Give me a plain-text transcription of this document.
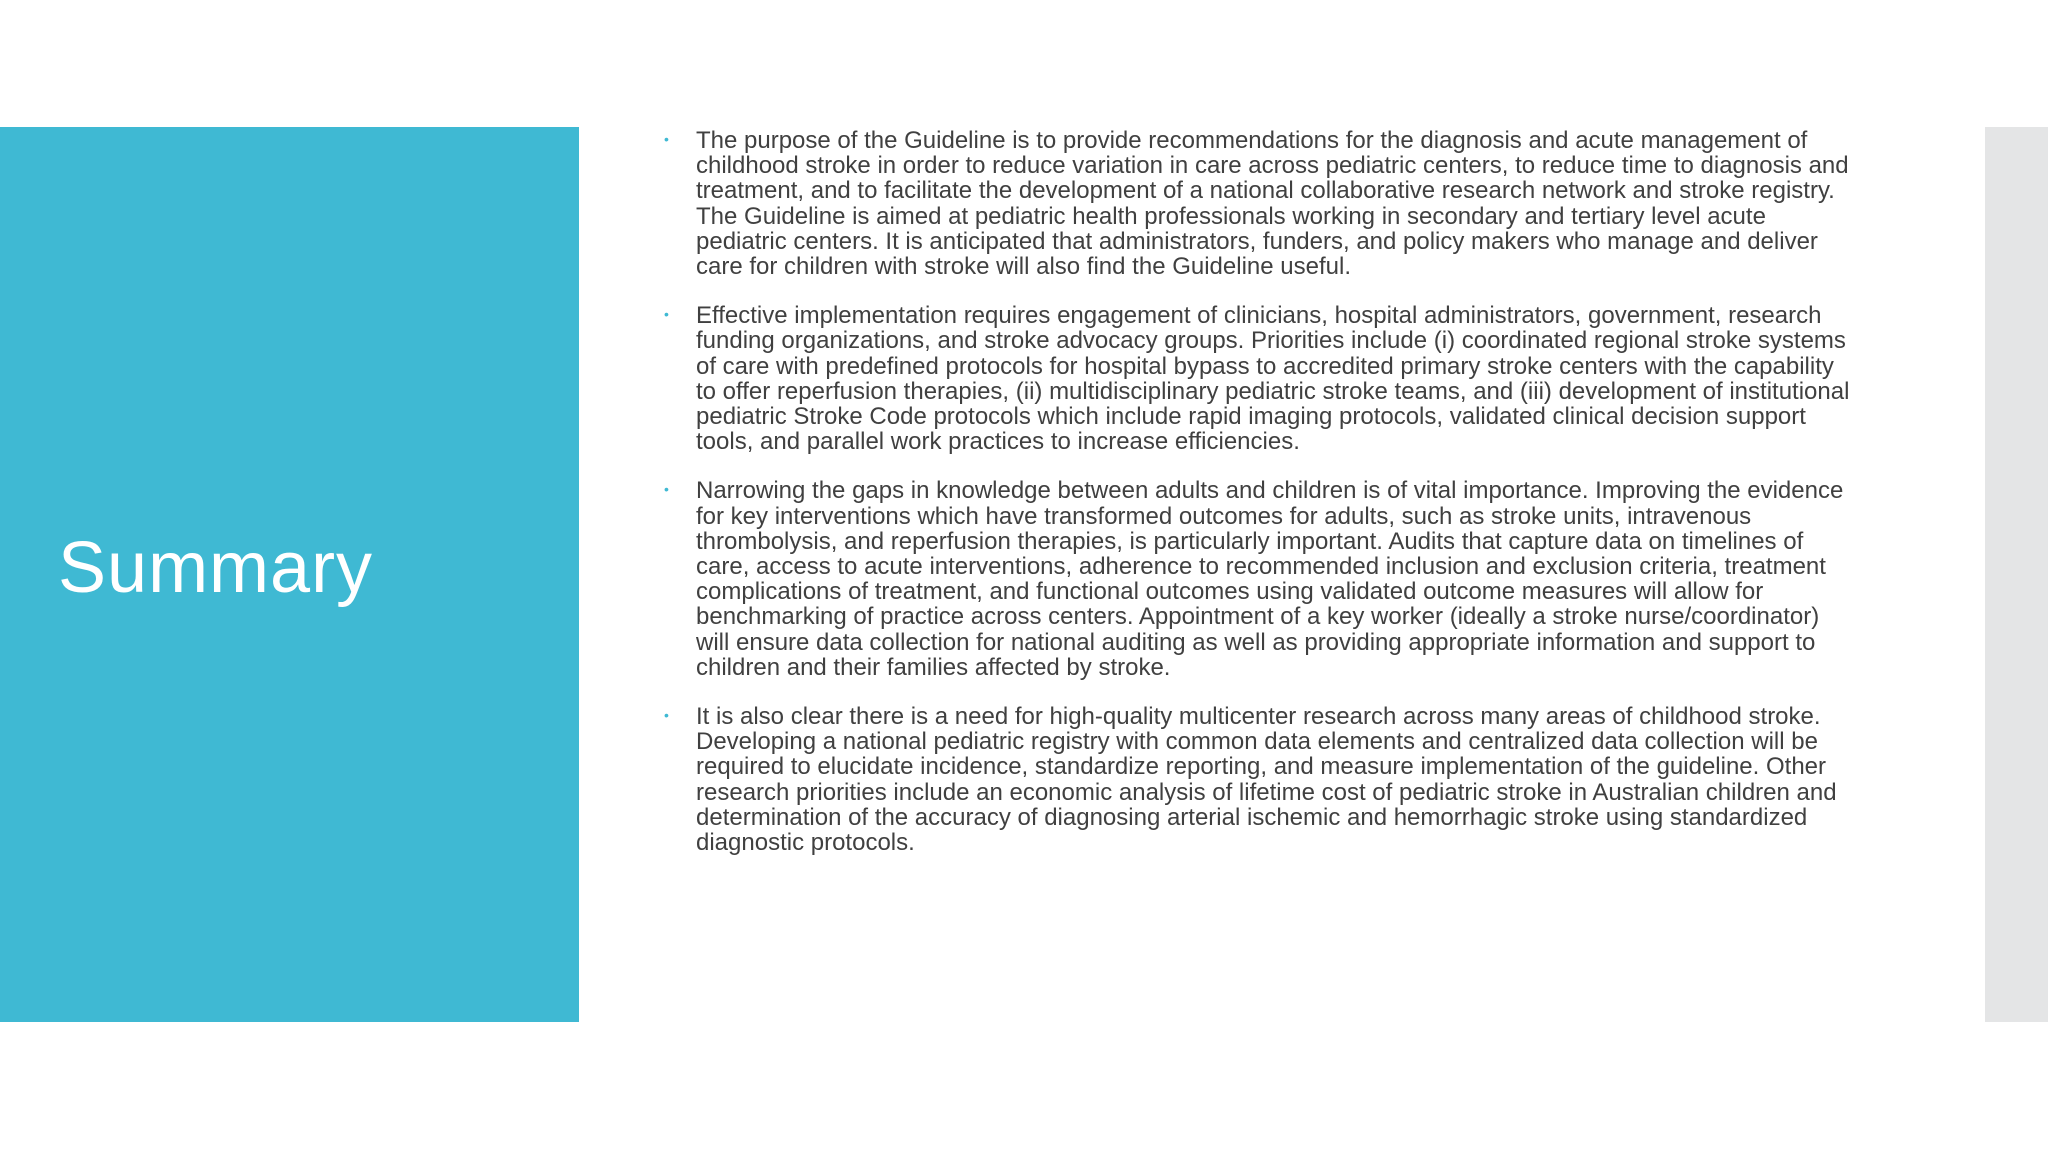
Summary
• The purpose of the Guideline is to provide recommendations for the diagnosis and acute management of childhood stroke in order to reduce variation in care across pediatric centers, to reduce time to diagnosis and treatment, and to facilitate the development of a national collaborative research network and stroke registry. The Guideline is aimed at pediatric health professionals working in secondary and tertiary level acute pediatric centers. It is anticipated that administrators, funders, and policy makers who manage and deliver care for children with stroke will also find the Guideline useful.
• Effective implementation requires engagement of clinicians, hospital administrators, government, research funding organizations, and stroke advocacy groups. Priorities include (i) coordinated regional stroke systems of care with predefined protocols for hospital bypass to accredited primary stroke centers with the capability to offer reperfusion therapies, (ii) multidisciplinary pediatric stroke teams, and (iii) development of institutional pediatric Stroke Code protocols which include rapid imaging protocols, validated clinical decision support tools, and parallel work practices to increase efficiencies.
• Narrowing the gaps in knowledge between adults and children is of vital importance. Improving the evidence for key interventions which have transformed outcomes for adults, such as stroke units, intravenous thrombolysis, and reperfusion therapies, is particularly important. Audits that capture data on timelines of care, access to acute interventions, adherence to recommended inclusion and exclusion criteria, treatment complications of treatment, and functional outcomes using validated outcome measures will allow for benchmarking of practice across centers. Appointment of a key worker (ideally a stroke nurse/coordinator) will ensure data collection for national auditing as well as providing appropriate information and support to children and their families affected by stroke.
• It is also clear there is a need for high-quality multicenter research across many areas of childhood stroke. Developing a national pediatric registry with common data elements and centralized data collection will be required to elucidate incidence, standardize reporting, and measure implementation of the guideline. Other research priorities include an economic analysis of lifetime cost of pediatric stroke in Australian children and determination of the accuracy of diagnosing arterial ischemic and hemorrhagic stroke using standardized diagnostic protocols.
